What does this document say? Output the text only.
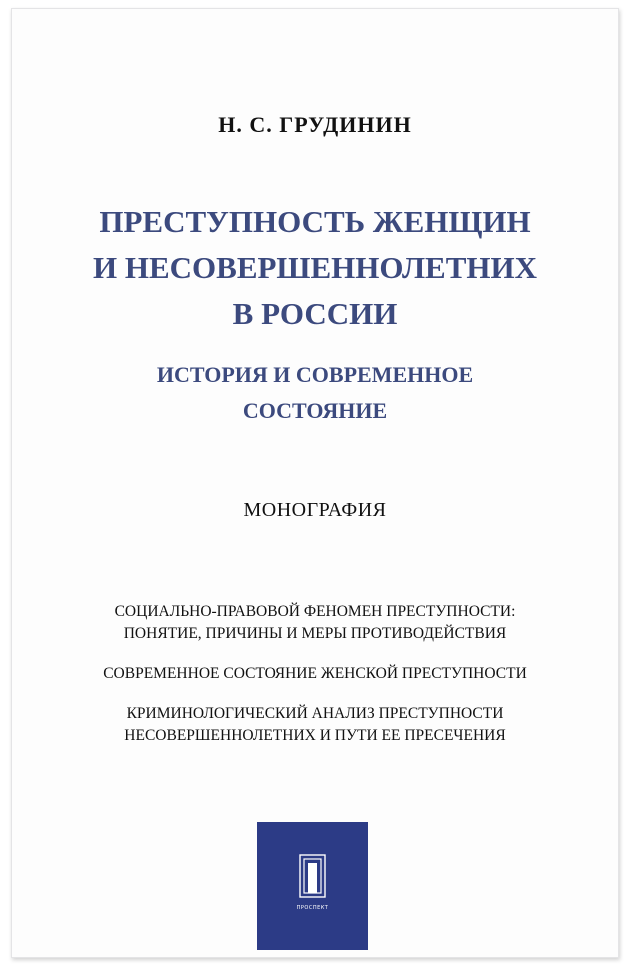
Н. С. ГРУДИНИН
ПРЕСТУПНОСТЬ ЖЕНЩИН
И НЕСОВЕРШЕННОЛЕТНИХ
В РОССИИ
ИСТОРИЯ И СОВРЕМЕННОЕ
СОСТОЯНИЕ
МОНОГРАФИЯ
СОЦИАЛЬНО-ПРАВОВОЙ ФЕНОМЕН ПРЕСТУПНОСТИ:
ПОНЯТИЕ, ПРИЧИНЫ И МЕРЫ ПРОТИВОДЕЙСТВИЯ
СОВРЕМЕННОЕ СОСТОЯНИЕ ЖЕНСКОЙ ПРЕСТУПНОСТИ
КРИМИНОЛОГИЧЕСКИЙ АНАЛИЗ ПРЕСТУПНОСТИ
НЕСОВЕРШЕННОЛЕТНИХ И ПУТИ ЕЕ ПРЕСЕЧЕНИЯ
ПРОСПЕКТ
